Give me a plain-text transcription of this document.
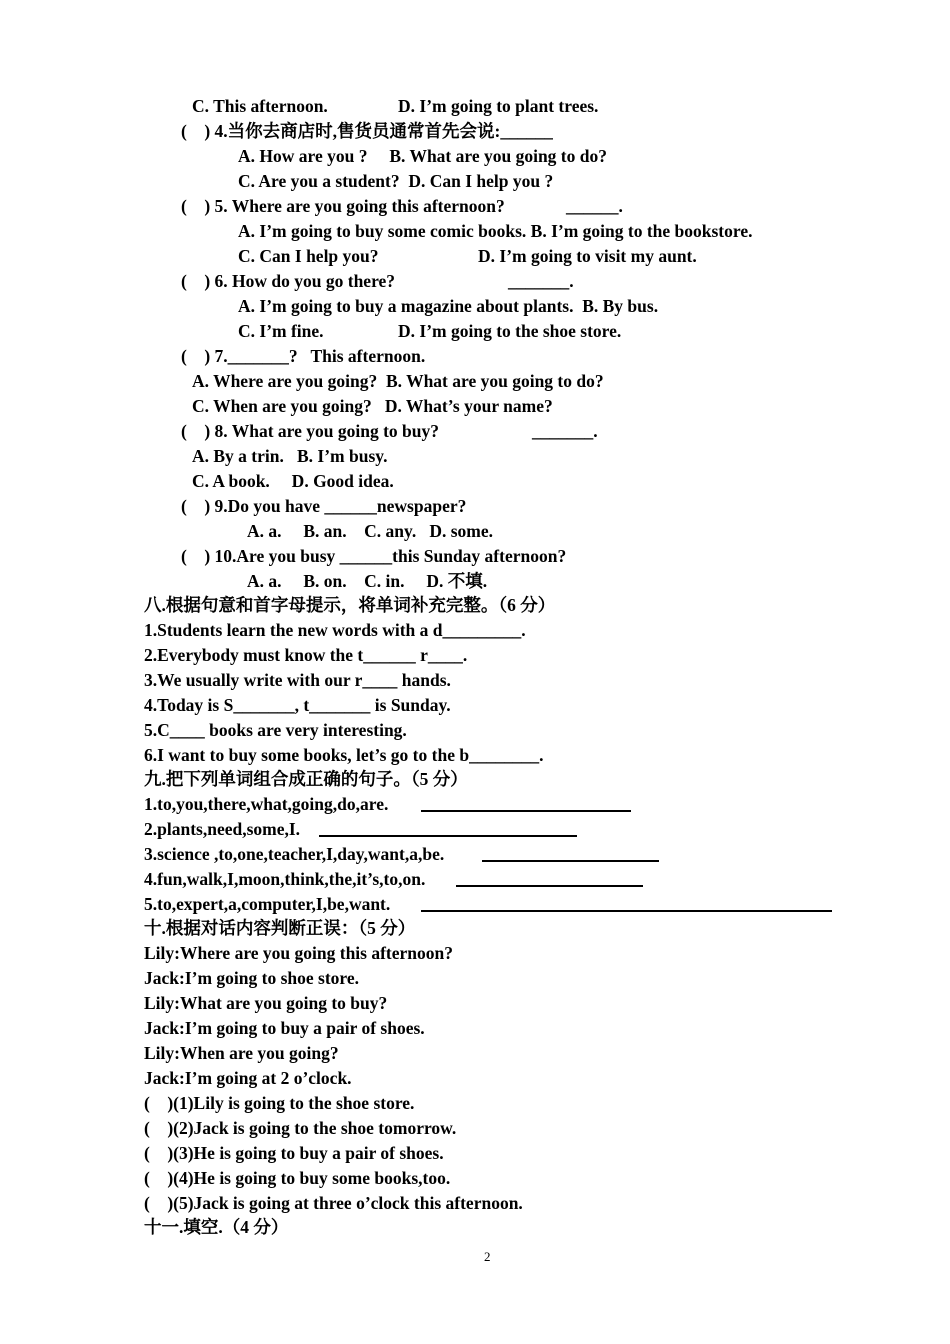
C. This afternoon.	D. I’m going to plant trees.
(    ) 4.当你去商店时,售货员通常首先会说:______
A. How are you ?     B. What are you going to do?
C. Are you a student?  D. Can I help you ?
(    ) 5. Where are you going this afternoon?	______.
A. I’m going to buy some comic books. B. I’m going to the bookstore.
C. Can I help you?	D. I’m going to visit my aunt.
(    ) 6. How do you go there?	_______.
A. I’m going to buy a magazine about plants.  B. By bus.
C. I’m fine.	D. I’m going to the shoe store.
(    ) 7._______?   This afternoon.
A. Where are you going?  B. What are you going to do?
C. When are you going?   D. What’s your name?
(    ) 8. What are you going to buy?	_______.
A. By a trin.   B. I’m busy.
C. A book.     D. Good idea.
(    ) 9.Do you have ______newspaper?
A. a.     B. an.    C. any.   D. some.
(    ) 10.Are you busy ______this Sunday afternoon?
A. a.     B. on.    C. in.     D. 不填.
八.根据句意和首字母提示，将单词补充完整。（6 分）
1.Students learn the new words with a d_________.
2.Everybody must know the t______ r____.
3.We usually write with our r____ hands.
4.Today is S_______, t_______ is Sunday.
5.C____ books are very interesting.
6.I want to buy some books, let’s go to the b________.
九.把下列单词组合成正确的句子。（5 分）
1.to,you,there,what,going,do,are.
2.plants,need,some,I.
3.science ,to,one,teacher,I,day,want,a,be.
4.fun,walk,I,moon,think,the,it’s,to,on.
5.to,expert,a,computer,I,be,want.
十.根据对话内容判断正误：（5 分）
Lily:Where are you going this afternoon?
Jack:I’m going to shoe store.
Lily:What are you going to buy?
Jack:I’m going to buy a pair of shoes.
Lily:When are you going?
Jack:I’m going at 2 o’clock.
(    )(1)Lily is going to the shoe store.
(    )(2)Jack is going to the shoe tomorrow.
(    )(3)He is going to buy a pair of shoes.
(    )(4)He is going to buy some books,too.
(    )(5)Jack is going at three o’clock this afternoon.
十一.填空.（4 分）
2
